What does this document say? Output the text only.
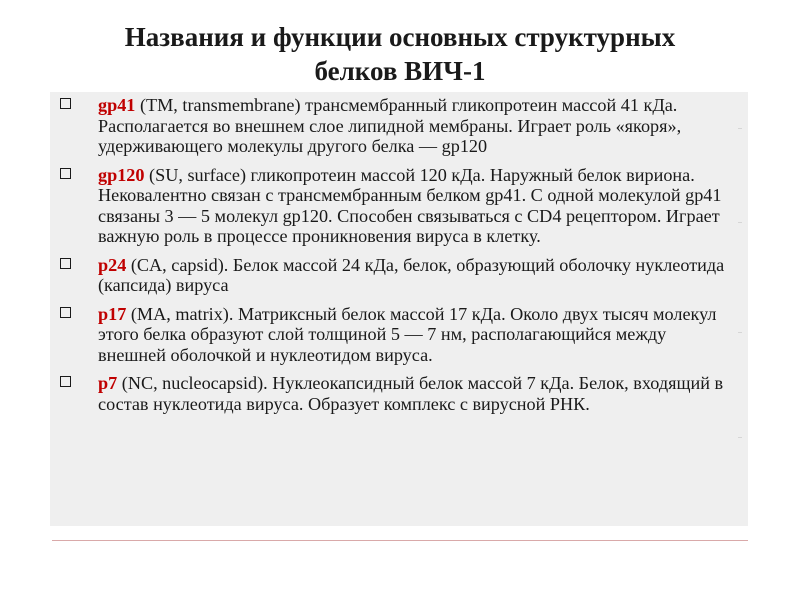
Названия и функции основных структурных
белков ВИЧ-1
gp41 (TM, transmembrane) трансмембранный гликопротеин массой 41 кДа. Располагается во внешнем слое липидной мембраны. Играет роль «якоря», удерживающего молекулы другого белка — gp120
gp120 (SU, surface) гликопротеин массой 120 кДа. Наружный белок вириона. Нековалентно связан с трансмембранным белком gp41. С одной молекулой gp41 связаны 3 — 5 молекул gp120. Способен связываться с CD4 рецептором. Играет важную роль в процессе проникновения вируса в клетку.
p24 (CA, capsid). Белок массой 24 кДа, белок, образующий оболочку нуклеотида (капсида) вируса
p17 (MA, matrix). Матриксный белок массой 17 кДа. Около двух тысяч молекул этого белка образуют слой толщиной 5 — 7 нм, располагающийся между внешней оболочкой и нуклеотидом вируса.
p7 (NC, nucleocapsid). Нуклеокапсидный белок массой 7 кДа. Белок, входящий в состав нуклеотида вируса. Образует комплекс с вирусной РНК.
